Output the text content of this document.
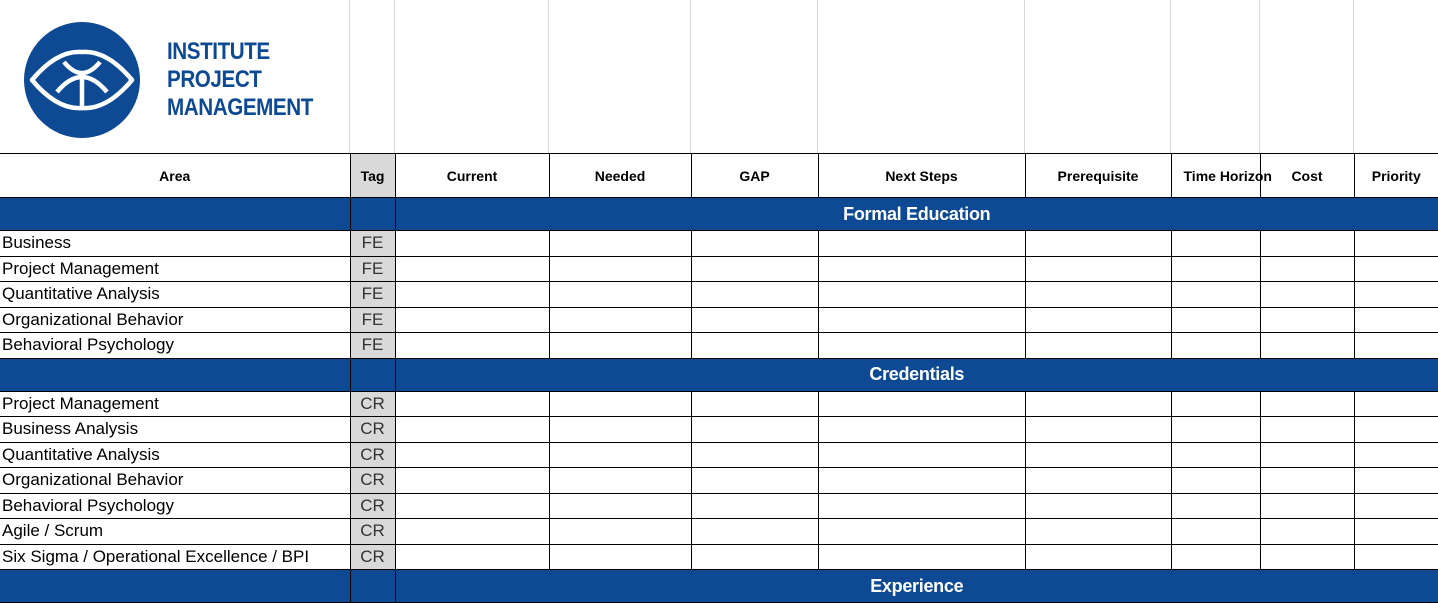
INSTITUTE
PROJECT
MANAGEMENT
Area	Tag	Current	Needed	GAP	Next Steps	Prerequisite	Time Horizon	Cost	Priority
		Formal Education							
Business	FE								
Project Management	FE								
Quantitative Analysis	FE								
Organizational Behavior	FE								
Behavioral Psychology	FE								
		Credentials							
Project Management	CR								
Business Analysis	CR								
Quantitative Analysis	CR								
Organizational Behavior	CR								
Behavioral Psychology	CR								
Agile / Scrum	CR								
Six Sigma / Operational Excellence / BPI	CR								
		Experience							
